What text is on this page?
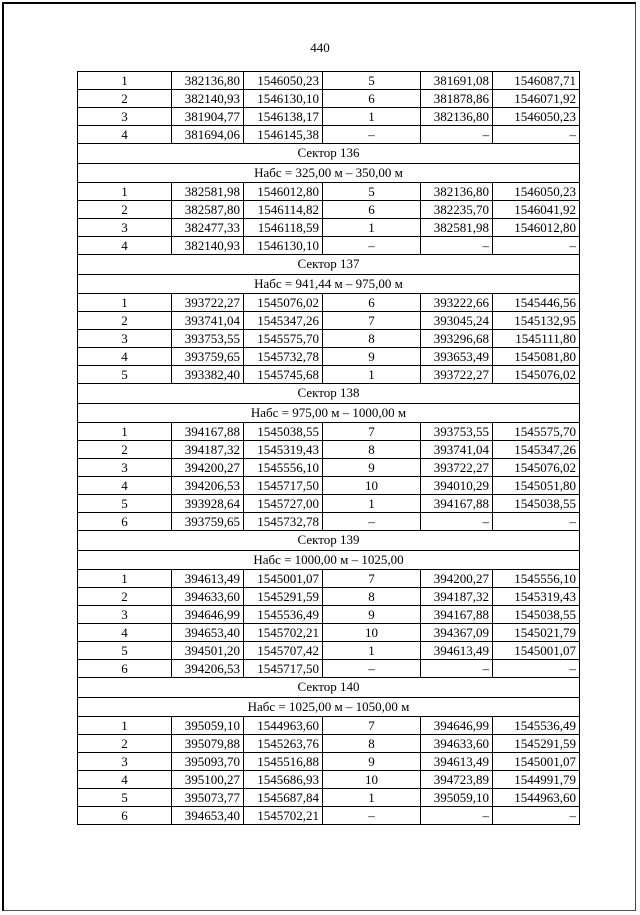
440
1	382136,80	1546050,23	5	381691,08	1546087,71
2	382140,93	1546130,10	6	381878,86	1546071,92
3	381904,77	1546138,17	1	382136,80	1546050,23
4	381694,06	1546145,38	–	–	–
Сектор 136					
Набс = 325,00 м – 350,00 м					
1	382581,98	1546012,80	5	382136,80	1546050,23
2	382587,80	1546114,82	6	382235,70	1546041,92
3	382477,33	1546118,59	1	382581,98	1546012,80
4	382140,93	1546130,10	–	–	–
Сектор 137					
Набс = 941,44 м – 975,00 м					
1	393722,27	1545076,02	6	393222,66	1545446,56
2	393741,04	1545347,26	7	393045,24	1545132,95
3	393753,55	1545575,70	8	393296,68	1545111,80
4	393759,65	1545732,78	9	393653,49	1545081,80
5	393382,40	1545745,68	1	393722,27	1545076,02
Сектор 138					
Набс = 975,00 м – 1000,00 м					
1	394167,88	1545038,55	7	393753,55	1545575,70
2	394187,32	1545319,43	8	393741,04	1545347,26
3	394200,27	1545556,10	9	393722,27	1545076,02
4	394206,53	1545717,50	10	394010,29	1545051,80
5	393928,64	1545727,00	1	394167,88	1545038,55
6	393759,65	1545732,78	–	–	–
Сектор 139					
Набс = 1000,00 м – 1025,00					
1	394613,49	1545001,07	7	394200,27	1545556,10
2	394633,60	1545291,59	8	394187,32	1545319,43
3	394646,99	1545536,49	9	394167,88	1545038,55
4	394653,40	1545702,21	10	394367,09	1545021,79
5	394501,20	1545707,42	1	394613,49	1545001,07
6	394206,53	1545717,50	–	–	–
Сектор 140					
Набс = 1025,00 м – 1050,00 м					
1	395059,10	1544963,60	7	394646,99	1545536,49
2	395079,88	1545263,76	8	394633,60	1545291,59
3	395093,70	1545516,88	9	394613,49	1545001,07
4	395100,27	1545686,93	10	394723,89	1544991,79
5	395073,77	1545687,84	1	395059,10	1544963,60
6	394653,40	1545702,21	–	–	–
